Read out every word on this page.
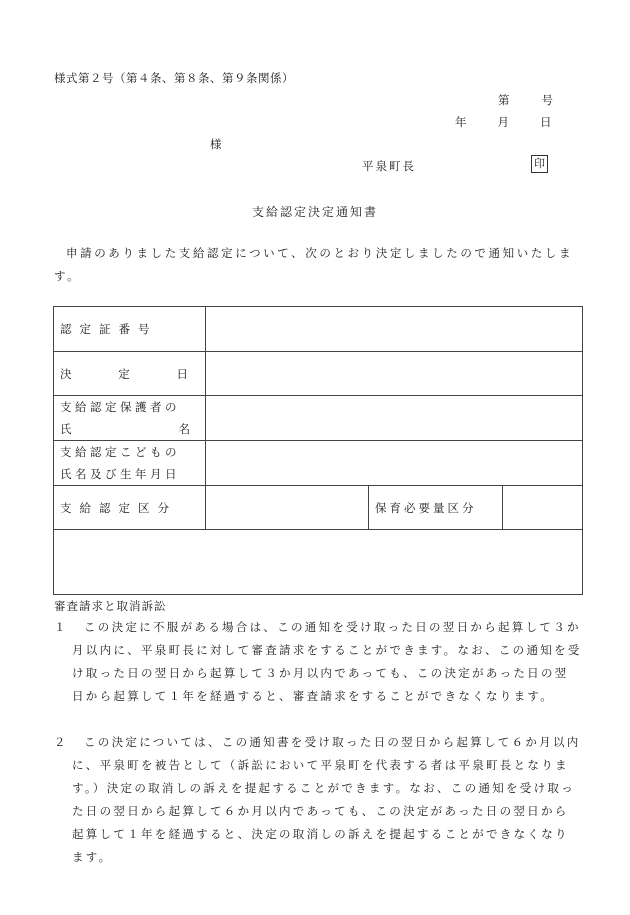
様式第２号（第４条、第８条、第９条関係）
第	号
年	月	日
様
平泉町長	印
支給認定決定通知書
申請のありました支給認定について、次のとおり決定しましたので通知いたします。
認定証番号			

決 定 日			

支給認定保護者の
氏 名			

支給認定こどもの
氏名及び生年月日			

支給認定区分		保育必要量区分	

審査請求と取消訴訟
１	この決定に不服がある場合は、この通知を受け取った日の翌日から起算して３か月以内に、平泉町長に対して審査請求をすることができます。なお、この通知を受け取った日の翌日から起算して３か月以内であっても、この決定があった日の翌日から起算して１年を経過すると、審査請求をすることができなくなります。
２	この決定については、この通知書を受け取った日の翌日から起算して６か月以内に、平泉町を被告として（訴訟において平泉町を代表する者は平泉町長となります。）決定の取消しの訴えを提起することができます。なお、この通知を受け取った日の翌日から起算して６か月以内であっても、この決定があった日の翌日から起算して１年を経過すると、決定の取消しの訴えを提起することができなくなります。
